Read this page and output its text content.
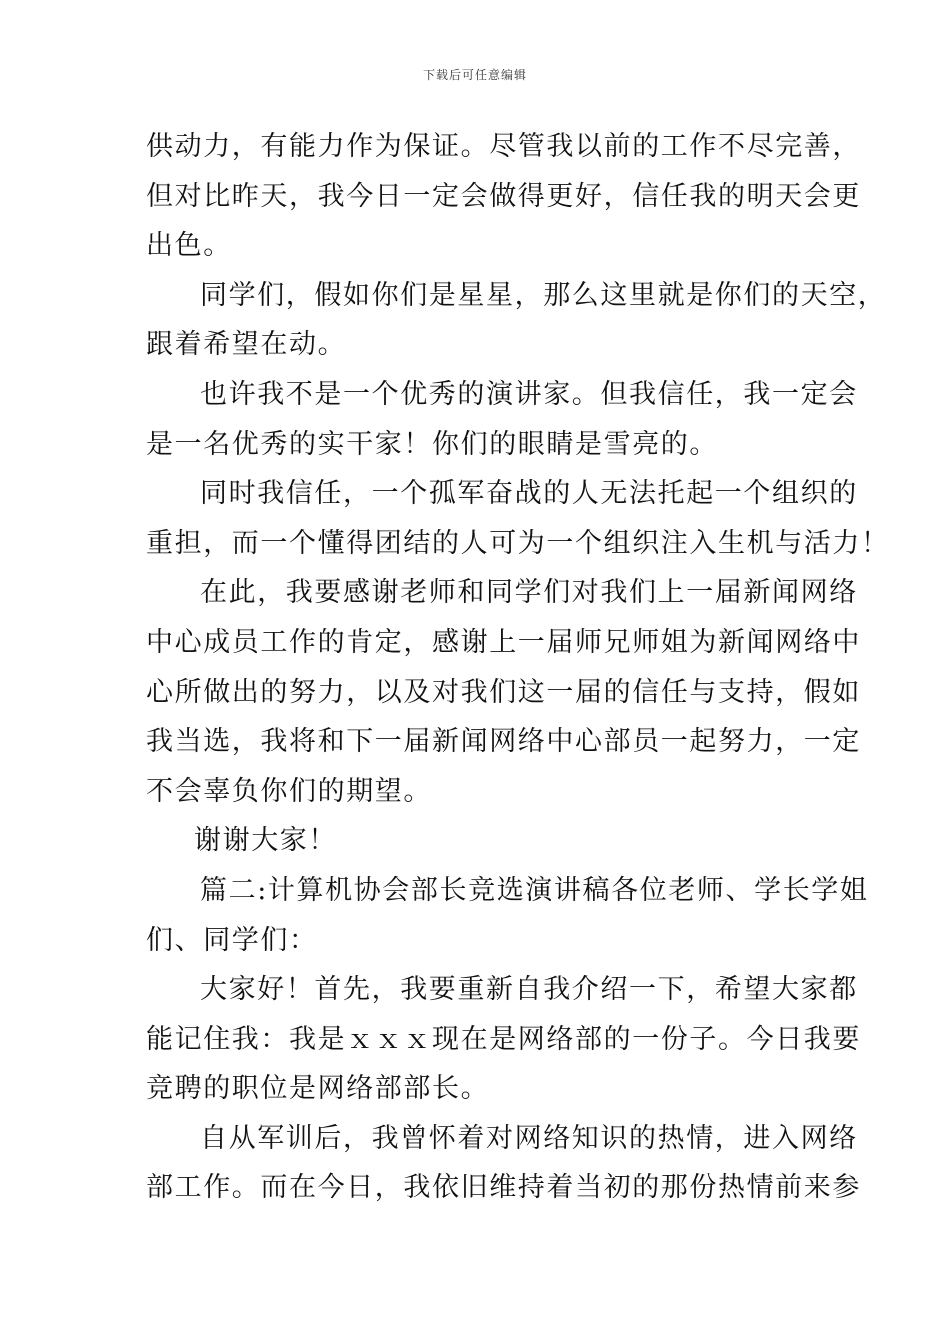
下载后可任意编辑
供动力，有能力作为保证。尽管我以前的工作不尽完善，
但对比昨天，我今日一定会做得更好，信任我的明天会更
出色。
同学们，假如你们是星星，那么这里就是你们的天空，
跟着希望在动。
也许我不是一个优秀的演讲家。但我信任，我一定会
是一名优秀的实干家！你们的眼睛是雪亮的。
同时我信任，一个孤军奋战的人无法托起一个组织的
重担，而一个懂得团结的人可为一个组织注入生机与活力！
在此，我要感谢老师和同学们对我们上一届新闻网络
中心成员工作的肯定，感谢上一届师兄师姐为新闻网络中
心所做出的努力，以及对我们这一届的信任与支持，假如
我当选，我将和下一届新闻网络中心部员一起努力，一定
不会辜负你们的期望。
谢谢大家！
篇二:计算机协会部长竞选演讲稿各位老师、学长学姐
们、同学们：
大家好！首先，我要重新自我介绍一下，希望大家都
能记住我：我是ｘｘｘ现在是网络部的一份子。今日我要
竞聘的职位是网络部部长。
自从军训后，我曾怀着对网络知识的热情，进入网络
部工作。而在今日，我依旧维持着当初的那份热情前来参
